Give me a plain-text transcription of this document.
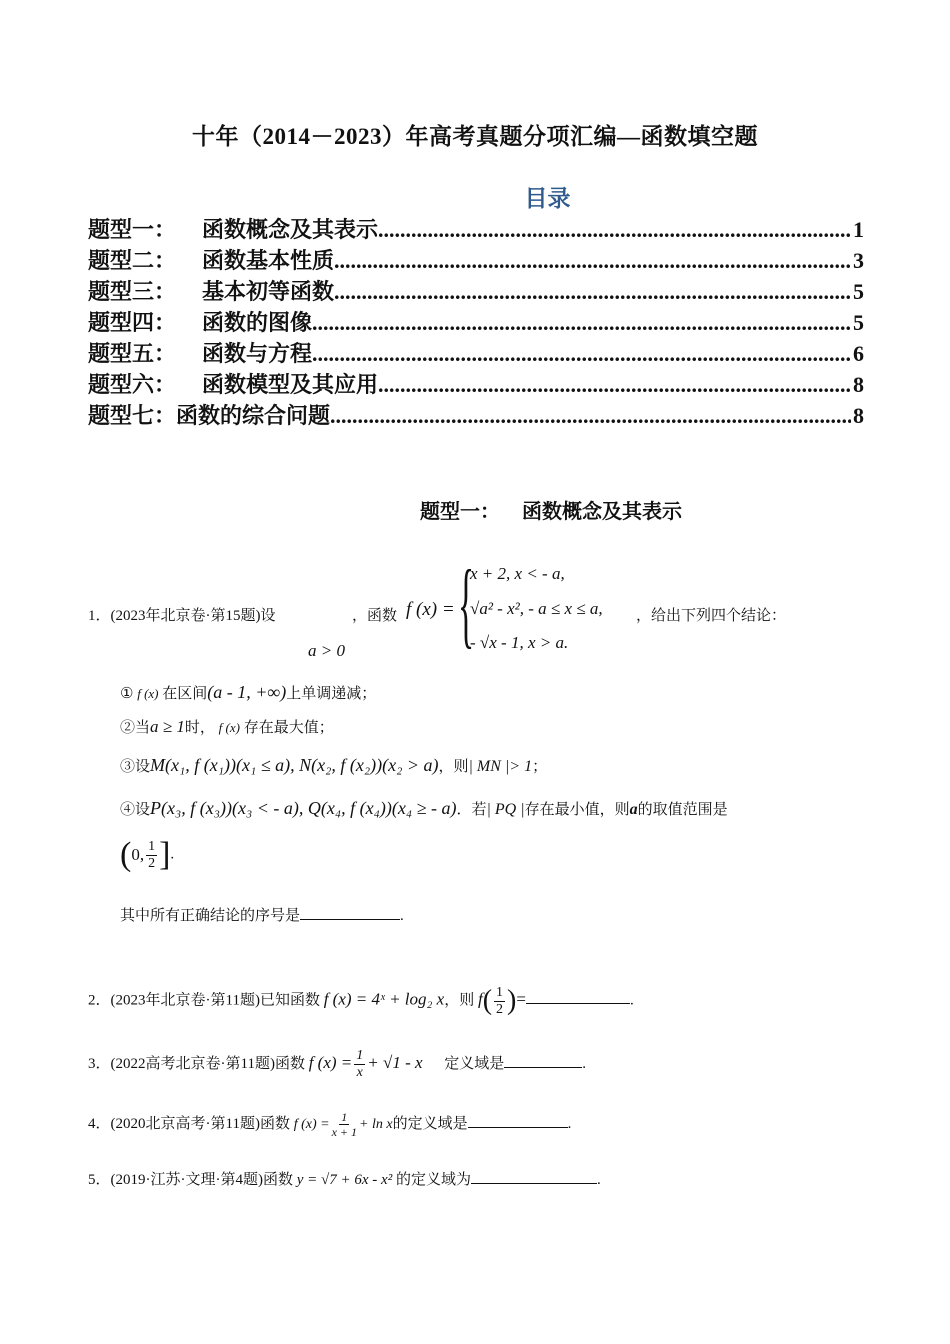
十年（2014－2023）年高考真题分项汇编—函数填空题
目录
题型一：	函数概念及其表示 .....	1
题型二：	函数基本性质 .....	3
题型三：	基本初等函数 .....	5
题型四：	函数的图像 .....	5
题型五：	函数与方程 .....	6
题型六：	函数模型及其应用 .....	8
题型七： 函数的综合问题 .....	8
题型一： 函数概念及其表示
1．(2023年北京卷·第15题)设
a > 0
，函数 f (x) = {
x + 2, x < - a,
√a² - x², - a ≤ x ≤ a,
- √x - 1, x > a.
，给出下列四个结论：
① f (x) 在区间(a - 1, +∞)上单调递减；
②当a ≥ 1时， f (x) 存在最大值；
③设M(x₁, f (x₁))(x₁ ≤ a), N(x₂, f (x₂))(x₂ > a)，则| MN |> 1；
④设P(x₃, f (x₃))(x₃ < - a), Q(x₄, f (x₄))(x₄ ≥ - a)．若| PQ |存在最小值，则a的取值范围是
(0, $\frac{1}{2}$ ].
其中所有正确结论的序号是	.
2．(2023年北京卷·第11题)已知函数 f (x) = 4ˣ + log₂ x，则 $f( \frac{1}{2}$ )=	.
3．(2022高考北京卷·第11题)函数 f $(x) = \frac{1}{x} + √1 - x$ 定义域是	.
4．(2020北京高考·第11题)函数 f $(x) = \frac{1}{x + 1} + \ln x$的定义域是	.
5．(2019·江苏·文理·第4题)函数 y = √7 + 6x - x² 的定义域为	.
